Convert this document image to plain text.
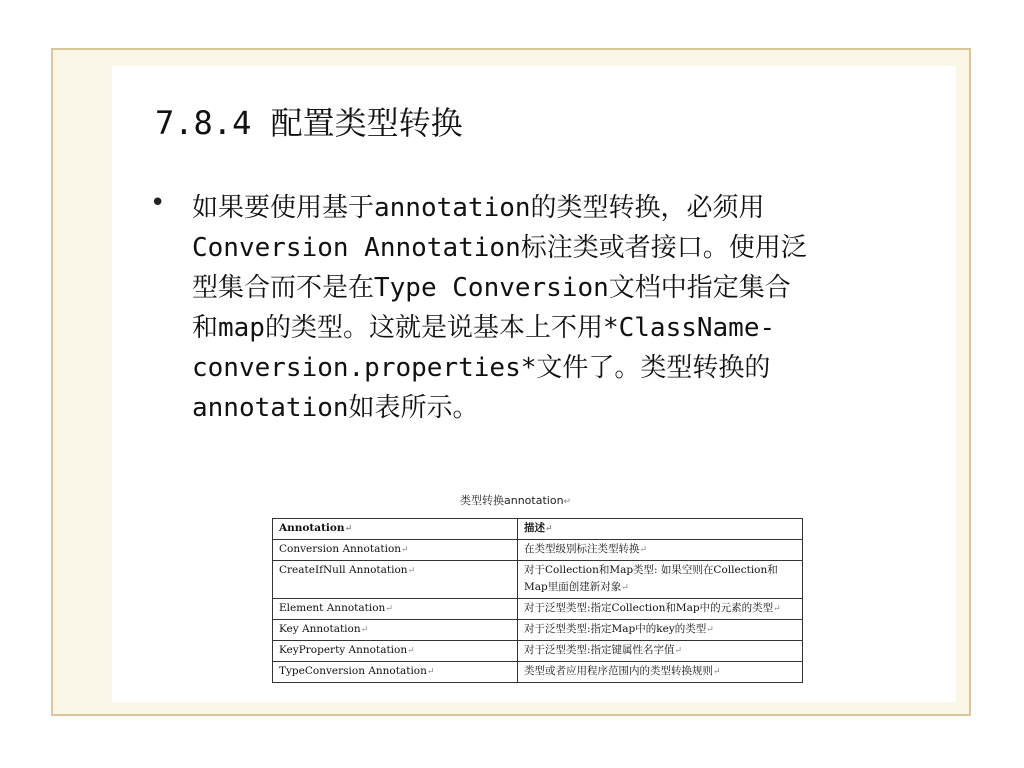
7.8.4 配置类型转换
• 如果要使用基于annotation的类型转换，必须用
Conversion Annotation标注类或者接口。使用泛
型集合而不是在Type Conversion文档中指定集合
和map的类型。这就是说基本上不用*ClassName-
conversion.properties*文件了。类型转换的
annotation如表所示。
类型转换annotation↵
Annotation↵	描述↵
Conversion Annotation↵	在类型级别标注类型转换↵
CreateIfNull Annotation↵	对于Collection和Map类型: 如果空则在Collection和Map里面创建新对象↵
Element Annotation↵	对于泛型类型:指定Collection和Map中的元素的类型↵
Key Annotation↵	对于泛型类型:指定Map中的key的类型↵
KeyProperty Annotation↵	对于泛型类型:指定键属性名字值↵
TypeConversion Annotation↵	类型或者应用程序范围内的类型转换规则↵
